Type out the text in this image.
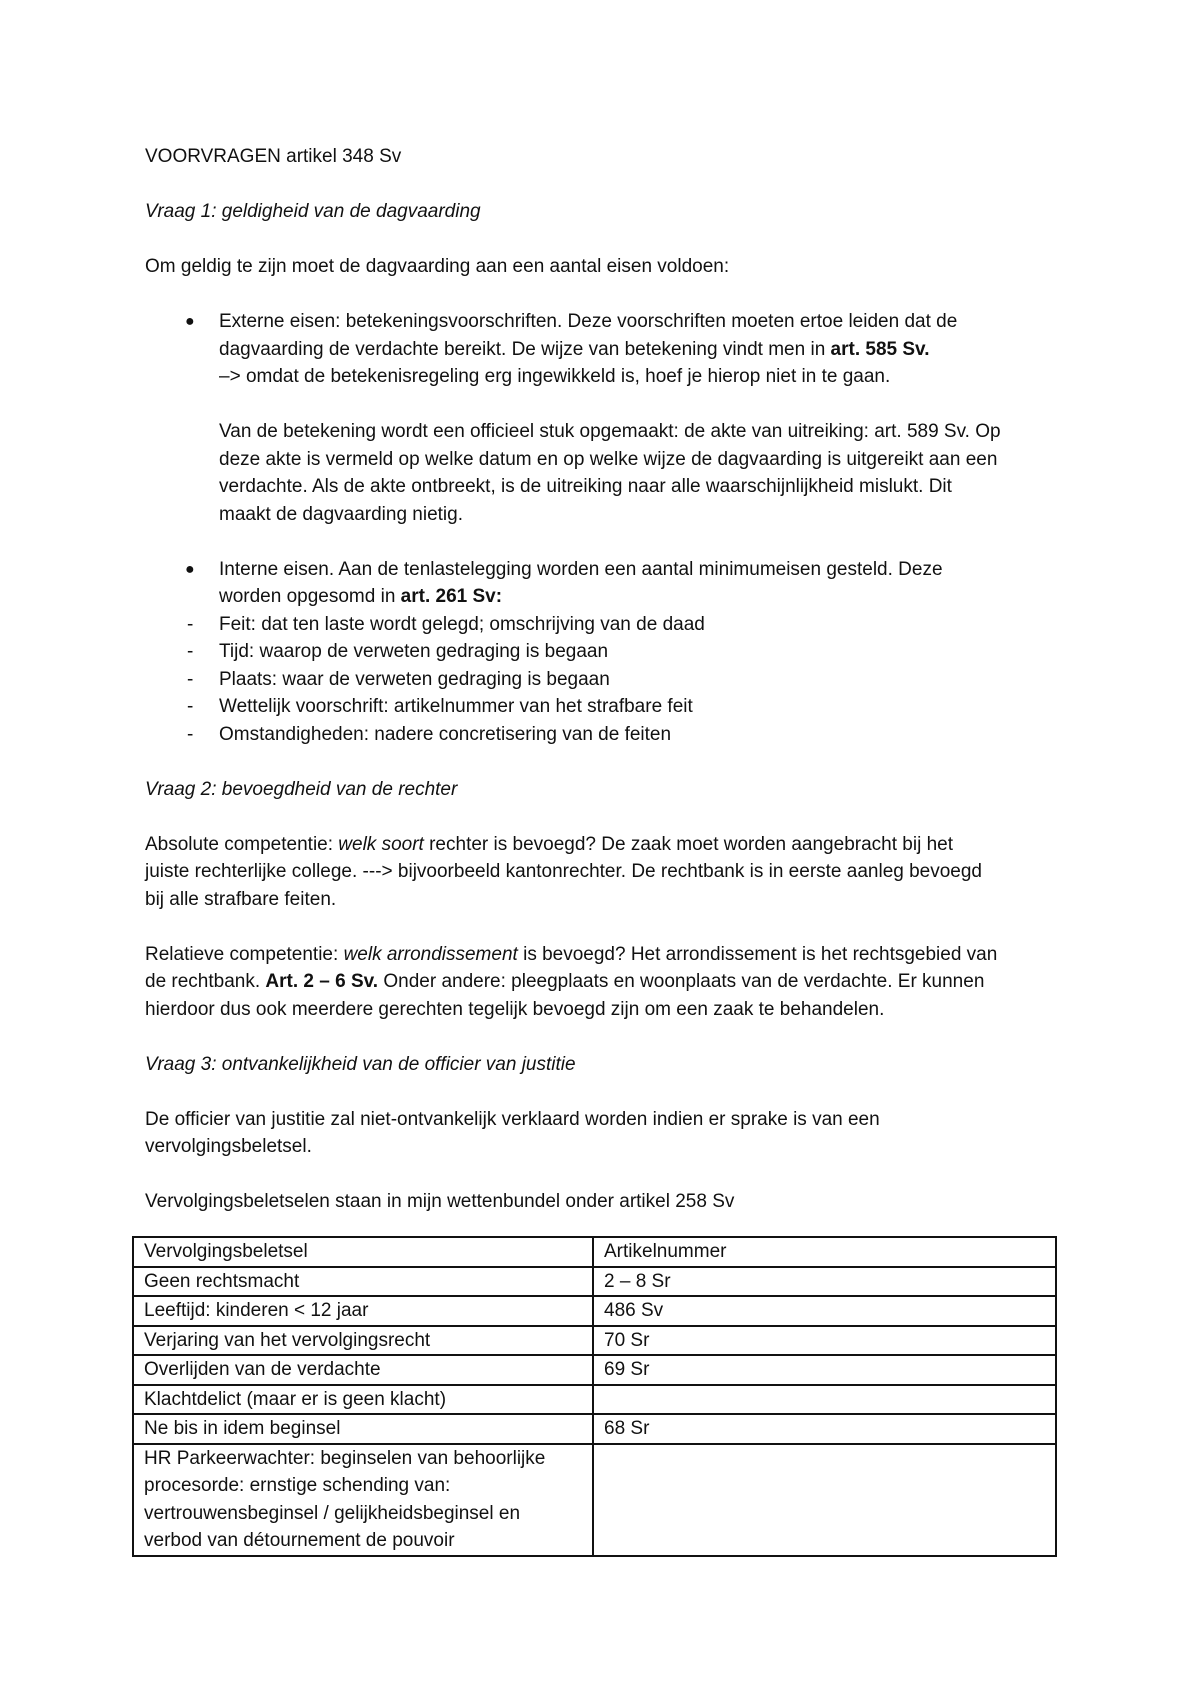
VOORVRAGEN artikel 348 Sv

Vraag 1: geldigheid van de dagvaarding

Om geldig te zijn moet de dagvaarding aan een aantal eisen voldoen:

● Externe eisen: betekeningsvoorschriften. Deze voorschriften moeten ertoe leiden dat de

dagvaarding de verdachte bereikt. De wijze van betekening vindt men in art. 585 Sv.

–> omdat de betekenisregeling erg ingewikkeld is, hoef je hierop niet in te gaan.

Van de betekening wordt een officieel stuk opgemaakt: de akte van uitreiking: art. 589 Sv. Op

deze akte is vermeld op welke datum en op welke wijze de dagvaarding is uitgereikt aan een

verdachte. Als de akte ontbreekt, is de uitreiking naar alle waarschijnlijkheid mislukt. Dit

maakt de dagvaarding nietig.

● Interne eisen. Aan de tenlastelegging worden een aantal minimumeisen gesteld. Deze

worden opgesomd in art. 261 Sv:

- Feit: dat ten laste wordt gelegd; omschrijving van de daad
- Tijd: waarop de verweten gedraging is begaan
- Plaats: waar de verweten gedraging is begaan
- Wettelijk voorschrift: artikelnummer van het strafbare feit
- Omstandigheden: nadere concretisering van de feiten

Vraag 2: bevoegdheid van de rechter

Absolute competentie: welk soort rechter is bevoegd? De zaak moet worden aangebracht bij het

juiste rechterlijke college. ---> bijvoorbeeld kantonrechter. De rechtbank is in eerste aanleg bevoegd

bij alle strafbare feiten.

Relatieve competentie: welk arrondissement is bevoegd? Het arrondissement is het rechtsgebied van

de rechtbank. Art. 2 – 6 Sv. Onder andere: pleegplaats en woonplaats van de verdachte. Er kunnen

hierdoor dus ook meerdere gerechten tegelijk bevoegd zijn om een zaak te behandelen.

Vraag 3: ontvankelijkheid van de officier van justitie

De officier van justitie zal niet-ontvankelijk verklaard worden indien er sprake is van een

vervolgingsbeletsel.

Vervolgingsbeletselen staan in mijn wettenbundel onder artikel 258 Sv

Vervolgingsbeletsel	Artikelnummer
Geen rechtsmacht	2 – 8 Sr
Leeftijd: kinderen < 12 jaar	486 Sv
Verjaring van het vervolgingsrecht	70 Sr
Overlijden van de verdachte	69 Sr
Klachtdelict (maar er is geen klacht)	
Ne bis in idem beginsel	68 Sr

HR Parkeerwachter: beginselen van behoorlijke
procesorde: ernstige schending van:
vertrouwensbeginsel / gelijkheidsbeginsel en
verbod van détournement de pouvoir	
